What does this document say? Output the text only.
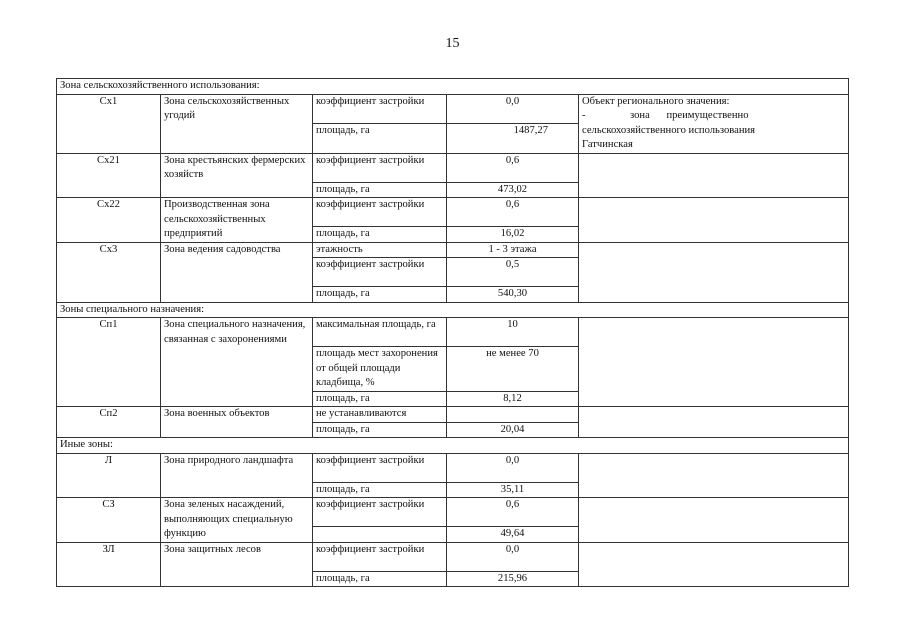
15
Зона сельскохозяйственного использования:				
Сх1	Зона сельскохозяйственных угодий	коэффициент застройки	0,0	Объект регионального значения:
- зона преимущественно
сельскохозяйственного использования
Гатчинская

		площадь, га	1487,27	
Сх21	Зона крестьянских фермерских хозяйств	коэффициент застройки	0,6	
		площадь, га	473,02	
Сх22	Производственная зона сельскохозяйственных предприятий	коэффициент застройки	0,6	
		площадь, га	16,02	
Сх3	Зона ведения садоводства	этажность	1 - 3 этажа	
		коэффициент застройки	0,5	
		площадь, га	540,30	
Зоны специального назначения:				
Сп1	Зона специального назначения, связанная с захоронениями	максимальная площадь, га	10	
		площадь мест захоронения от общей площади кладбища, %	не менее 70	
		площадь, га	8,12	
Сп2	Зона военных объектов	не устанавливаются		
		площадь, га	20,04	
Иные зоны:				
Л	Зона природного ландшафта	коэффициент застройки	0,0	
		площадь, га	35,11	
СЗ	Зона зеленых насаждений, выполняющих специальную функцию	коэффициент застройки	0,6	
			49,64	
ЗЛ	Зона защитных лесов	коэффициент застройки	0,0	
		площадь, га	215,96	
